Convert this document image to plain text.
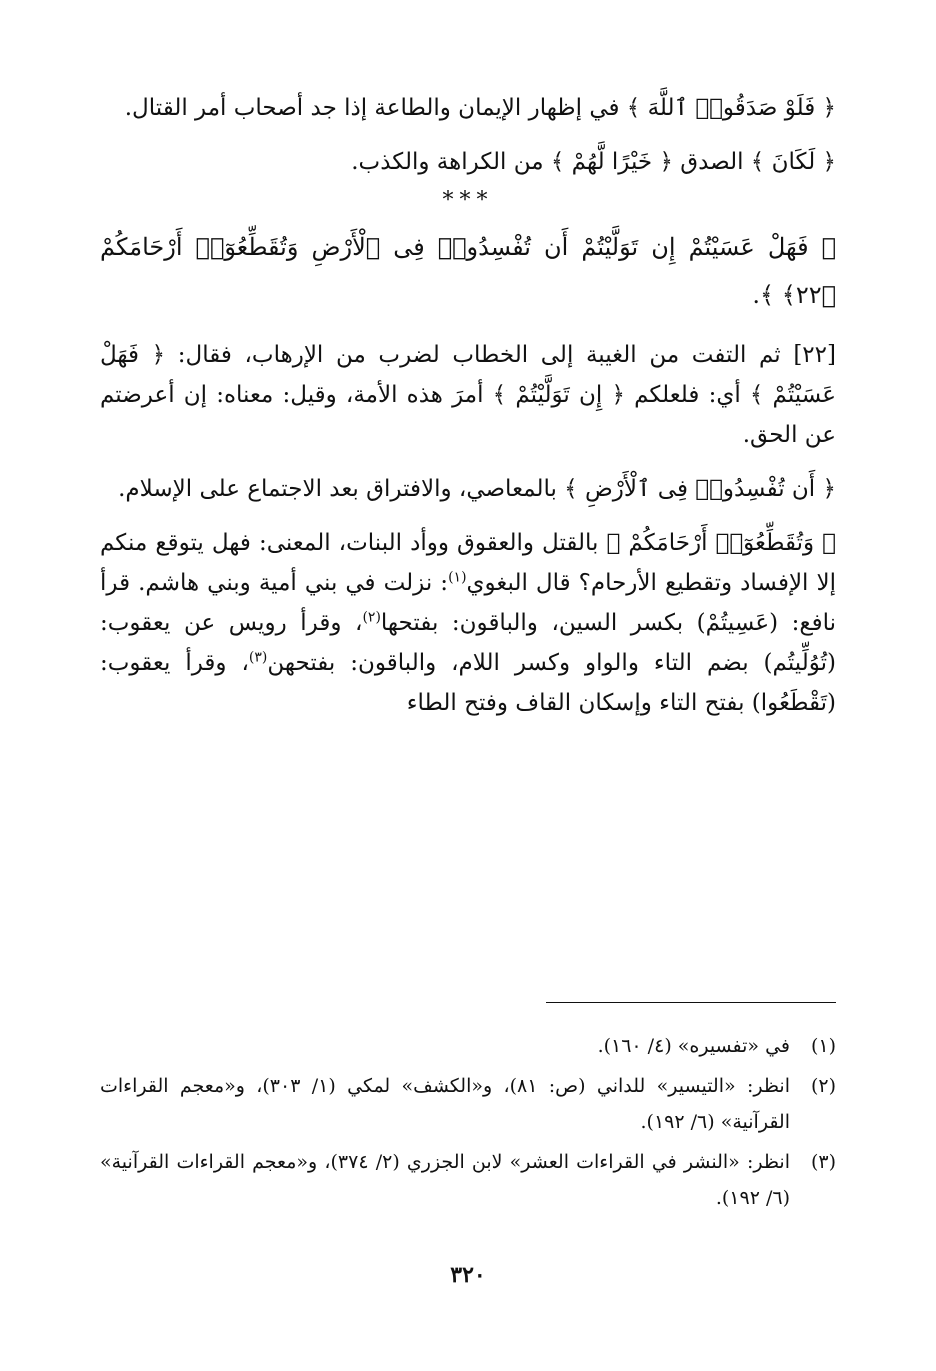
﴿ فَلَوْ صَدَقُوا۟ ٱللَّهَ ﴾ في إظهار الإيمان والطاعة إذا جد أصحاب أمر القتال.

﴿ لَكَانَ ﴾ الصدق ﴿ خَيْرًا لَّهُمْ ﴾ من الكراهة والكذب.

***

﴿ فَهَلْ عَسَيْتُمْ إِن تَوَلَّيْتُمْ أَن تُفْسِدُوا۟ فِى ٱلْأَرْضِ وَتُقَطِّعُوٓا۟ أَرْحَامَكُمْ ﴿٢٢﴾ ﴾.

[٢٢] ثم التفت من الغيبة إلى الخطاب لضرب من الإرهاب، فقال: ﴿ فَهَلْ عَسَيْتُمْ ﴾ أي: فلعلكم ﴿ إِن تَوَلَّيْتُمْ ﴾ أمرَ هذه الأمة، وقيل: معناه: إن أعرضتم عن الحق.

﴿ أَن تُفْسِدُوا۟ فِى ٱلْأَرْضِ ﴾ بالمعاصي، والافتراق بعد الاجتماع على الإسلام.

﴿ وَتُقَطِّعُوٓا۟ أَرْحَامَكُمْ ﴾ بالقتل والعقوق ووأد البنات، المعنى: فهل يتوقع منكم إلا الإفساد وتقطيع الأرحام؟ قال البغوي$^{(١)}$: نزلت في بني أمية وبني هاشم. قرأ نافع: (عَسِيتُمْ) بكسر السين، والباقون: بفتحها$^{(٢)}$، وقرأ رويس عن يعقوب: (تُوُلِّيتُم) بضم التاء والواو وكسر اللام، والباقون: بفتحهن$^{(٣)}$، وقرأ يعقوب: (تَقْطَعُوا) بفتح التاء وإسكان القاف وفتح الطاء

(١)
في «تفسيره» (٤/ ١٦٠).
(٢)
انظر: «التيسير» للداني (ص: ٨١)، و«الكشف» لمكي (١/ ٣٠٣)، و«معجم القراءات القرآنية» (٦/ ١٩٢).
(٣)
انظر: «النشر في القراءات العشر» لابن الجزري (٢/ ٣٧٤)، و«معجم القراءات القرآنية» (٦/ ١٩٢).
٣٢٠
